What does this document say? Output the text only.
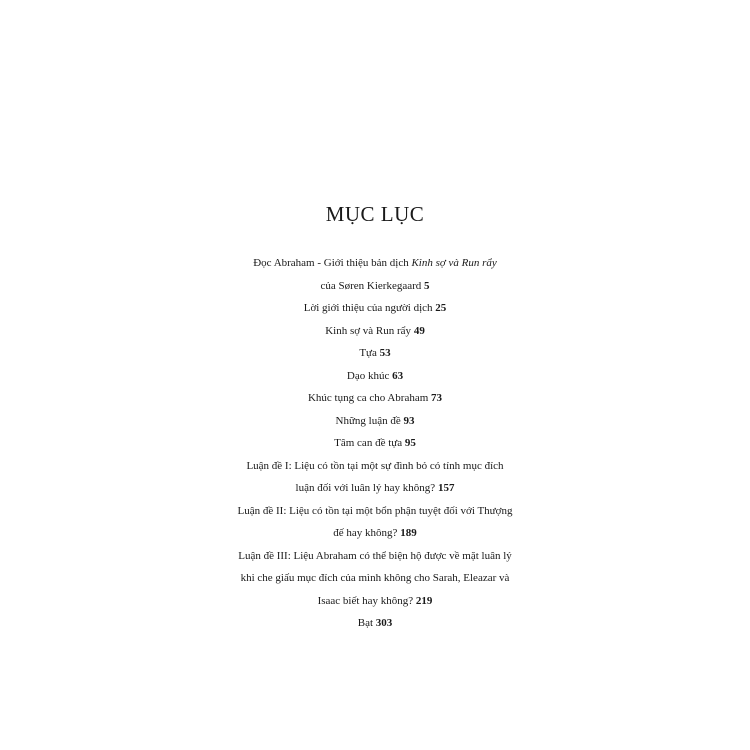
MỤC LỤC
Đọc Abraham - Giới thiệu bản dịch Kinh sợ và Run rẩy
của Søren Kierkegaard 5
Lời giới thiệu của người dịch 25
Kinh sợ và Run rẩy 49
Tựa 53
Dạo khúc 63
Khúc tụng ca cho Abraham 73
Những luận đề 93
Tâm can đề tựa 95
Luận đề I: Liệu có tồn tại một sự đình bỏ có tính mục đích
luận đối với luân lý hay không? 157
Luận đề II: Liệu có tồn tại một bổn phận tuyệt đối với Thượng
đế hay không? 189
Luận đề III: Liệu Abraham có thể biện hộ được về mặt luân lý
khi che giấu mục đích của mình không cho Sarah, Eleazar và
Isaac biết hay không? 219
Bạt 303
